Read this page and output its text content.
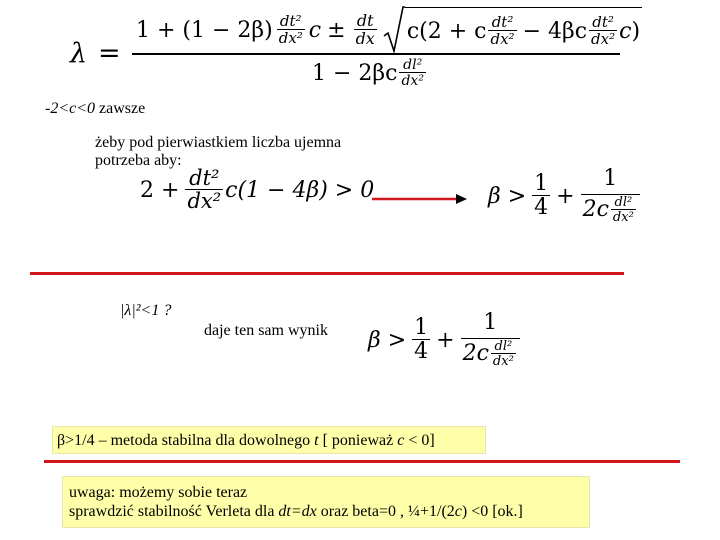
λ =
$1 + (1 - 2\beta) \frac{\text{dt²}}{\text{dx²}}$ $c \pm \frac{dt}{dx} c(2 + c \frac{\text{dt²}}{\text{dx²}} - 4\beta c \frac{\text{dt²}}{\text{dx²}}$ c )
$1 - 2\beta c \frac{\text{dl²}}{\text{dx²}}$
-2<c<0 zawsze
żeby pod pierwiastkiem liczba ujemna
potrzeba aby:
$2 + \frac{\text{dt²}}{\text{dx²}} c(1 - 4\beta) > 0$	$\beta > \frac{1}{4} + \frac{1}{2c \frac{\text{dl²}}{\text{dx²}}}$
|λ|²<1 ?
daje ten sam wynik $\beta > \frac{1}{4} + \frac{1}{2c \frac{\text{dl²}}{\text{dx²}}}$
β>1/4 – metoda stabilna dla dowolnego t [ ponieważ c < 0]
uwaga: możemy sobie teraz
sprawdzić stabilność Verleta dla dt=dx oraz beta=0 , ¼+1/(2c) <0 [ok.]
